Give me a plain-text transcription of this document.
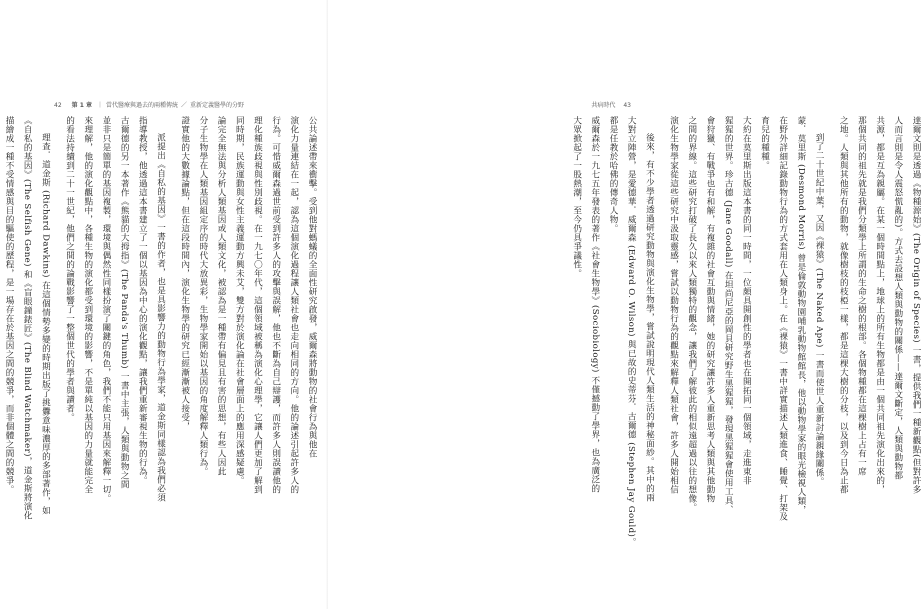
42 第 1 章 ｜ 當代醫療與過去的兩種傳統 ／ 重新定義醫學的分野
公共論述帶來衝擊。受到他對螞蟻的全面性研究啟發，威爾森將動物的社會行為與他在
演化力量連結在一起，認為這個演化過程讓人類社會也走向相同的方向。他的論述引起許多人的
行為。可惜威爾森過世前受到許多人的攻擊與誤解，他也不斷為自己辯護，而許多人則誤讀他的
理化種族歧視與性別歧視。在一九七〇年代，這個領域被稱為演化心理學，它讓人們更加了解到
同時期，民族運動與女性主義運動方興未艾，雙方對於演化論在社會層面上的應用深感疑慮。
論完全無法與分析人類基因或人類文化，被認為是一種帶有偏見且有害的思想，有些人因此
分子生物學在人類基因組定序的時代大放異彩，生物學家開始以基因的角度解釋人類行為。
證實他的大數據論點，但在這段時間內，演化生物學的研究已經漸漸被人接受，
派提出《自私的基因》一書的作者，也是具影響力的動物行為學家，道金斯同樣認為我們必須
指導教授，他透過這本書建立了一個以基因為中心的演化觀點，讓我們重新審視生物的行為。
古爾德的另一本著作《熊貓的大拇指》(The Panda's Thumb) 一書中主張，人類與動物之間
並非只是簡單的基因複製，環境與偶然性同樣扮演了關鍵的角色，我們不能只用基因來解釋一切。
來理解，他的演化觀點中，各種生物的演化都受到環境的影響，不是單純以基因的力量就能完全
的看法持續到二十一世紀，他們之間的論戰影響了一整個世代的學者與讀者。
理查．道金斯 (Richard Dawkins) 在這個情勢多變的時期出版了挑釁意味濃厚的多部著作，如
《自私的基因》(The Selfish Gene) 和《盲眼鐘錶匠》(The Blind Watchmaker)，道金斯將演化
描繪成一種不受情感與目的驅使的歷程，是一場存在於基因之間的競爭，而非個體之間的競爭。
共病時代 43
達爾文則是透過《物種源始》(The Origin of Species) 一書，提供我們一種新觀點(但對許多
人而言則是令人震怒慌亂的)。方式去設想人類與動物的關係——達爾文斷定，人類與動物都
共源，都是互為親屬。在某一個時間點上，地球上的所有生物都是由一個共同祖先演化出來的，
那個共同的祖先就是我們分類學上所謂的生命之樹的根部。各個物種都在這棵樹上占有一席
之地。人類與其他所有的動物，就像樹枝的枝椏一樣，都是這棵大樹的分枝，以及到今日為止都
到了二十世紀中葉，又因《裸猿》(The Naked Ape) 一書而使世人重新討論親緣關係。
蒙．莫里斯 (Desmond Morris) 曾是倫敦動物園哺乳動物館館長，他以動物學家的眼光檢視人類，
在野外詳細記錄動物行為的方式套用在人類身上。在《裸猿》一書中詳實描述人類進食、睡覺、打架及
育兒的種種。
大約在莫里斯出版這本書的同一時間，一位頗具開創性的學者也在開拓同一個領域，走進東非
猩猩的世界。珍古德 (Jane Goodall) 在坦尚尼亞的岡貝研究野生黑猩猩，發現黑猩猩會使用工具、
會狩獵、有戰爭也有和解，有複雜的社會互動與情緒，她的研究讓許多人重新思考人類與其他動物
之間的界線。這些研究打破了長久以來人類獨特的觀念，讓我們了解彼此的相似遠超過以往的想像。
演化生物學家從這些研究中汲取靈感，嘗試以動物行為的觀點來解釋人類社會，許多人開始相信
後來，有不少學者透過研究動物與演化生物學，嘗試說明現代人類生活的神秘面紗。其中的兩
大對立陣營，是愛德華．威爾森 (Edward O. Wilson) 與已故的史蒂芬．古爾德 (Stephen Jay Gould)。
都是任教於哈佛的傳奇人物。
威爾森於一九七五年發表的著作《社會生物學》(Sociobiology) 不僅撼動了學界，也為廣泛的
大眾掀起了一股熱潮，至今仍具爭議性。
